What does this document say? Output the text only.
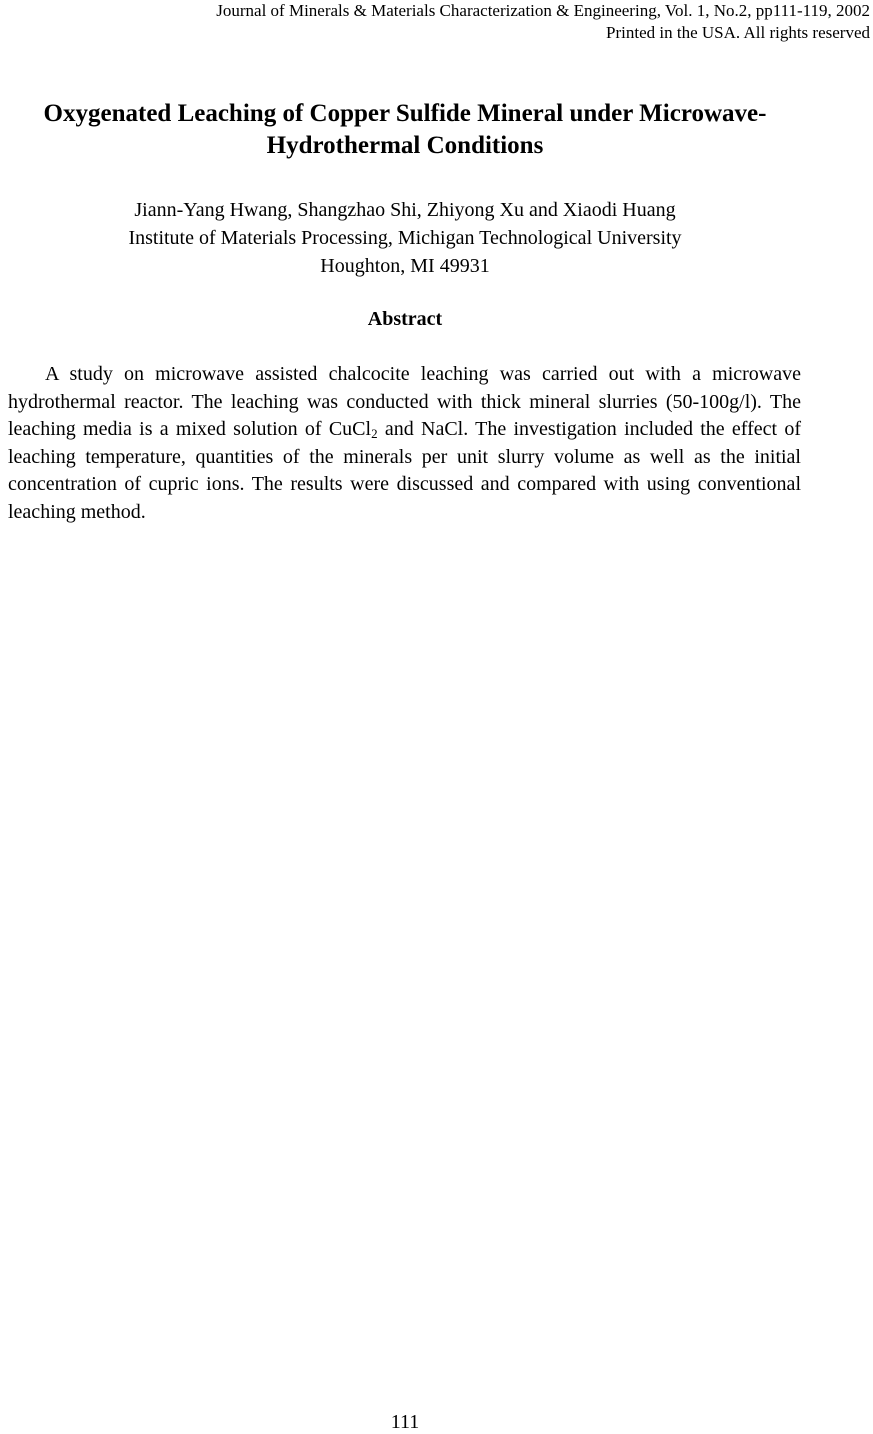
Journal of Minerals & Materials Characterization & Engineering, Vol. 1, No.2, pp111-119, 2002
Printed in the USA. All rights reserved
Oxygenated Leaching of Copper Sulfide Mineral under Microwave-
Hydrothermal Conditions
Jiann-Yang Hwang, Shangzhao Shi, Zhiyong Xu and Xiaodi Huang
Institute of Materials Processing, Michigan Technological University
Houghton, MI 49931
Abstract

A study on microwave assisted chalcocite leaching was carried out with a microwave hydrothermal reactor. The leaching was conducted with thick mineral slurries (50-100g/l). The leaching media is a mixed solution of CuCl$_2$ and NaCl. The investigation included the effect of leaching temperature, quantities of the minerals per unit slurry volume as well as the initial concentration of cupric ions. The results were discussed and compared with using conventional leaching method.

111
